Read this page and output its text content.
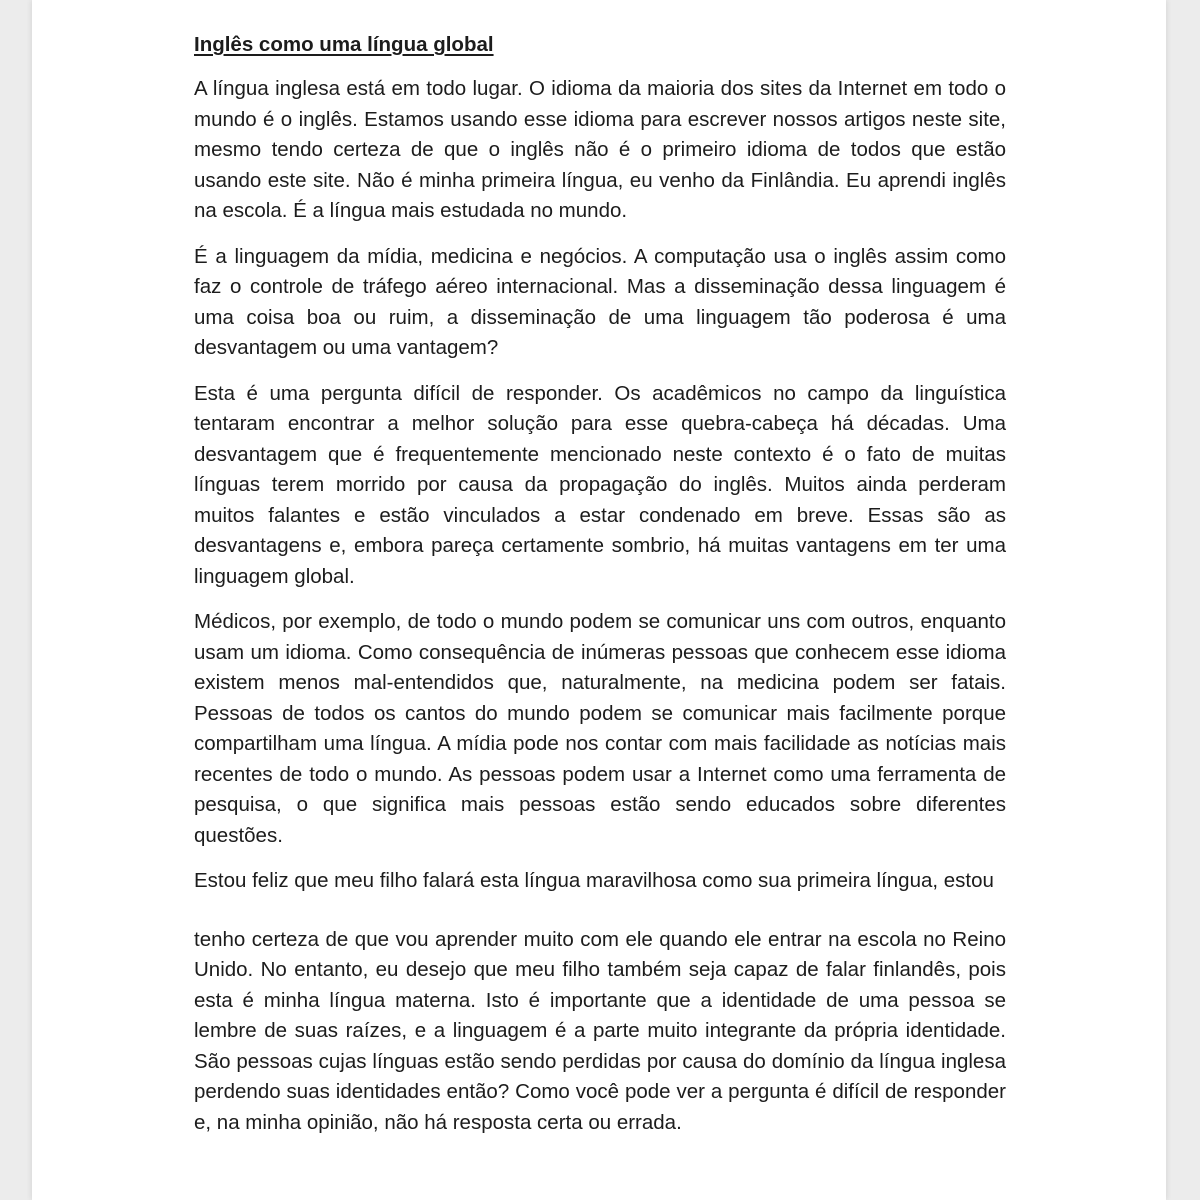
Inglês como uma língua global

A língua inglesa está em todo lugar. O idioma da maioria dos sites da Internet em todo o mundo é o inglês. Estamos usando esse idioma para escrever nossos artigos neste site, mesmo tendo certeza de que o inglês não é o primeiro idioma de todos que estão usando este site. Não é minha primeira língua, eu venho da Finlândia. Eu aprendi inglês na escola. É a língua mais estudada no mundo.

É a linguagem da mídia, medicina e negócios. A computação usa o inglês assim como faz o controle de tráfego aéreo internacional. Mas a disseminação dessa linguagem é uma coisa boa ou ruim, a disseminação de uma linguagem tão poderosa é uma desvantagem ou uma vantagem?

Esta é uma pergunta difícil de responder. Os acadêmicos no campo da linguística tentaram encontrar a melhor solução para esse quebra-cabeça há décadas. Uma desvantagem que é frequentemente mencionado neste contexto é o fato de muitas línguas terem morrido por causa da propagação do inglês. Muitos ainda perderam muitos falantes e estão vinculados a estar condenado em breve. Essas são as desvantagens e, embora pareça certamente sombrio, há muitas vantagens em ter uma linguagem global.

Médicos, por exemplo, de todo o mundo podem se comunicar uns com outros, enquanto usam um idioma. Como consequência de inúmeras pessoas que conhecem esse idioma existem menos mal-entendidos que, naturalmente, na medicina podem ser fatais. Pessoas de todos os cantos do mundo podem se comunicar mais facilmente porque compartilham uma língua. A mídia pode nos contar com mais facilidade as notícias mais recentes de todo o mundo. As pessoas podem usar a Internet como uma ferramenta de pesquisa, o que significa mais pessoas estão sendo educados sobre diferentes questões.

Estou feliz que meu filho falará esta língua maravilhosa como sua primeira língua, estou

tenho certeza de que vou aprender muito com ele quando ele entrar na escola no Reino Unido. No entanto, eu desejo que meu filho também seja capaz de falar finlandês, pois esta é minha língua materna. Isto é importante que a identidade de uma pessoa se lembre de suas raízes, e a linguagem é a parte muito integrante da própria identidade. São pessoas cujas línguas estão sendo perdidas por causa do domínio da língua inglesa perdendo suas identidades então? Como você pode ver a pergunta é difícil de responder e, na minha opinião, não há resposta certa ou errada.
